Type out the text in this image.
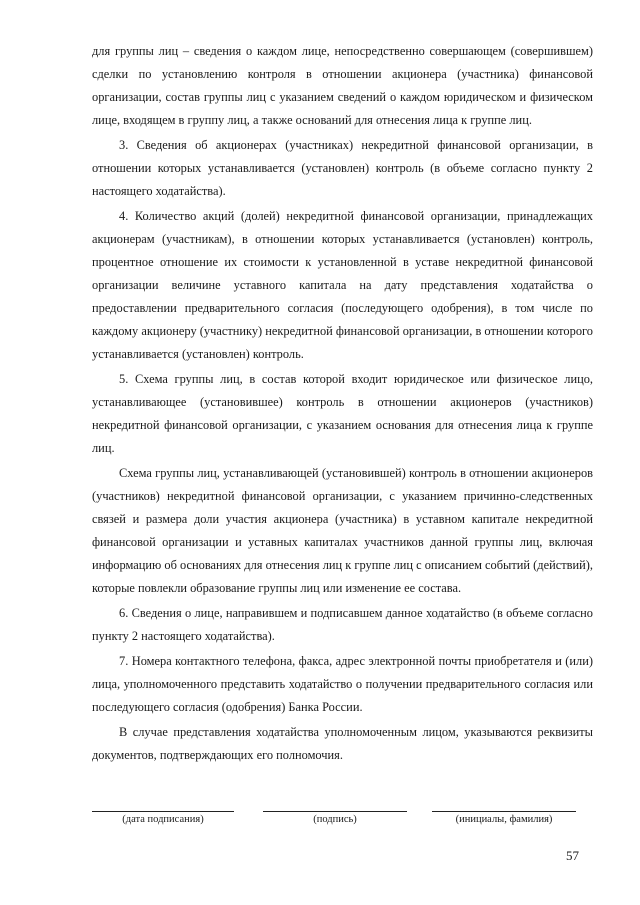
для группы лиц – сведения о каждом лице, непосредственно совершающем (совершившем) сделки по установлению контроля в отношении акционера (участника) финансовой организации, состав группы лиц с указанием сведений о каждом юридическом и физическом лице, входящем в группу лиц, а также оснований для отнесения лица к группе лиц.

3. Сведения об акционерах (участниках) некредитной финансовой организации, в отношении которых устанавливается (установлен) контроль (в объеме согласно пункту 2 настоящего ходатайства).

4. Количество акций (долей) некредитной финансовой организации, принадлежащих акционерам (участникам), в отношении которых устанавливается (установлен) контроль, процентное отношение их стоимости к установленной в уставе некредитной финансовой организации величине уставного капитала на дату представления ходатайства о предоставлении предварительного согласия (последующего одобрения), в том числе по каждому акционеру (участнику) некредитной финансовой организации, в отношении которого устанавливается (установлен) контроль.

5. Схема группы лиц, в состав которой входит юридическое или физическое лицо, устанавливающее (установившее) контроль в отношении акционеров (участников) некредитной финансовой организации, с указанием основания для отнесения лица к группе лиц.

Схема группы лиц, устанавливающей (установившей) контроль в отношении акционеров (участников) некредитной финансовой организации, с указанием причинно-следственных связей и размера доли участия акционера (участника) в уставном капитале некредитной финансовой организации и уставных капиталах участников данной группы лиц, включая информацию об основаниях для отнесения лиц к группе лиц с описанием событий (действий), которые повлекли образование группы лиц или изменение ее состава.

6. Сведения о лице, направившем и подписавшем данное ходатайство (в объеме согласно пункту 2 настоящего ходатайства).

7. Номера контактного телефона, факса, адрес электронной почты приобретателя и (или) лица, уполномоченного представить ходатайство о получении предварительного согласия или последующего согласия (одобрения) Банка России.

В случае представления ходатайства уполномоченным лицом, указываются реквизиты документов, подтверждающих его полномочия.

(дата подписания)	(подпись)	(инициалы, фамилия)
57
